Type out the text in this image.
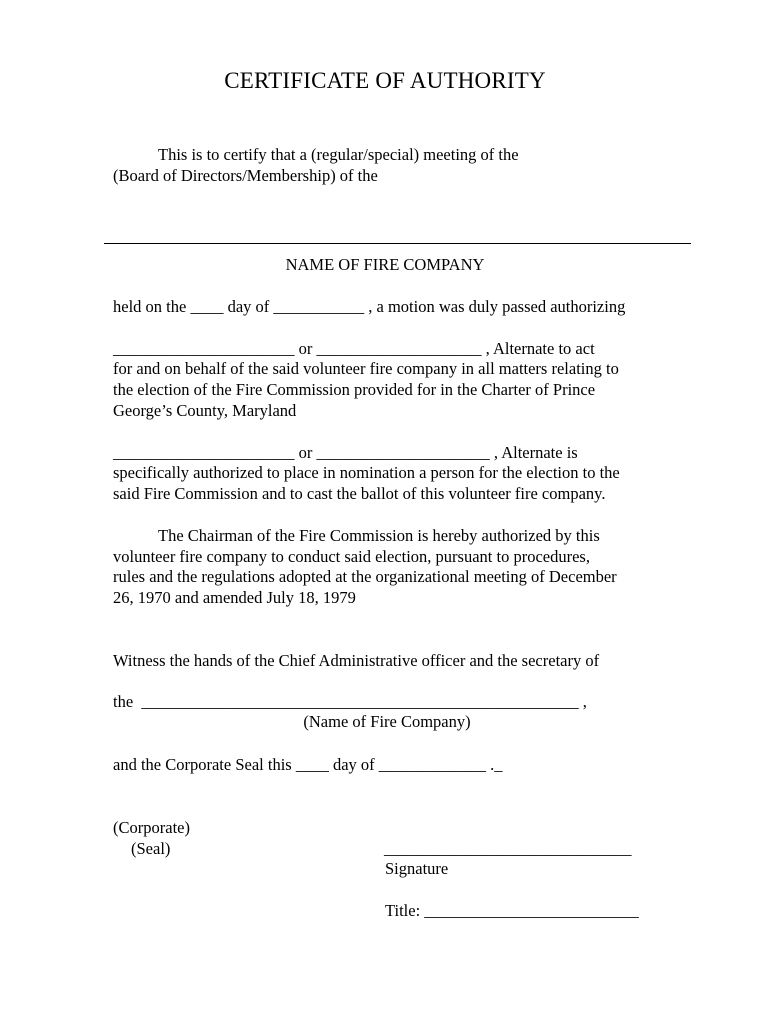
CERTIFICATE OF AUTHORITY
This is to certify that a (regular/special) meeting of the
(Board of Directors/Membership) of the
NAME OF FIRE COMPANY
held on the ____ day of ___________ , a motion was duly passed authorizing
______________________ or ____________________ , Alternate to act
for and on behalf of the said volunteer fire company in all matters relating to
the election of the Fire Commission provided for in the Charter of Prince
George’s County, Maryland
______________________ or _____________________ , Alternate is
specifically authorized to place in nomination a person for the election to the
said Fire Commission and to cast the ballot of this volunteer fire company.
The Chairman of the Fire Commission is hereby authorized by this
volunteer fire company to conduct said election, pursuant to procedures,
rules and the regulations adopted at the organizational meeting of December
26, 1970 and amended July 18, 1979
Witness the hands of the Chief Administrative officer and the secretary of
the  _____________________________________________________ ,
(Name of Fire Company)
and the Corporate Seal this ____ day of _____________ ._
(Corporate)
(Seal)	______________________________
Signature
Title: __________________________
